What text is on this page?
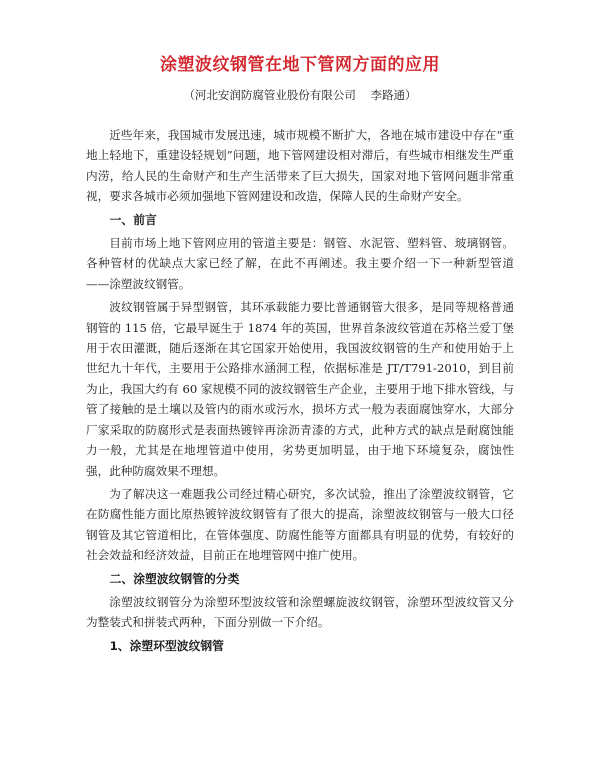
涂塑波纹钢管在地下管网方面的应用
（河北安润防腐管业股份有限公司    李路通）

近些年来，我国城市发展迅速，城市规模不断扩大，各地在城市建设中存在“重地上轻地下，重建设轻规划”问题，地下管网建设相对滞后，有些城市相继发生严重内涝，给人民的生命财产和生产生活带来了巨大损失，国家对地下管网问题非常重视，要求各城市必须加强地下管网建设和改造，保障人民的生命财产安全。

一、前言

目前市场上地下管网应用的管道主要是：钢管、水泥管、塑料管、玻璃钢管。各种管材的优缺点大家已经了解，在此不再阐述。我主要介绍一下一种新型管道——涂塑波纹钢管。

波纹钢管属于异型钢管，其环承载能力要比普通钢管大很多，是同等规格普通钢管的 115 倍，它最早诞生于 1874 年的英国，世界首条波纹管道在苏格兰爱丁堡用于农田灌溉，随后逐渐在其它国家开始使用，我国波纹钢管的生产和使用始于上世纪九十年代，主要用于公路排水涵洞工程，依据标准是 JT/T791-2010，到目前为止，我国大约有 60 家规模不同的波纹钢管生产企业，主要用于地下排水管线，与管了接触的是土壤以及管内的雨水或污水，损坏方式一般为表面腐蚀穿水，大部分厂家采取的防腐形式是表面热镀锌再涂沥青漆的方式，此种方式的缺点是耐腐蚀能力一般，尤其是在地埋管道中使用，劣势更加明显，由于地下环境复杂，腐蚀性强，此种防腐效果不理想。

为了解决这一难题我公司经过精心研究，多次试验，推出了涂塑波纹钢管，它在防腐性能方面比原热镀锌波纹钢管有了很大的提高，涂塑波纹钢管与一般大口径钢管及其它管道相比，在管体强度、防腐性能等方面都具有明显的优势，有较好的社会效益和经济效益，目前正在地埋管网中推广使用。

二、涂塑波纹钢管的分类

涂塑波纹钢管分为涂塑环型波纹管和涂塑螺旋波纹钢管，涂塑环型波纹管又分为整装式和拼装式两种，下面分别做一下介绍。

1、涂塑环型波纹钢管
